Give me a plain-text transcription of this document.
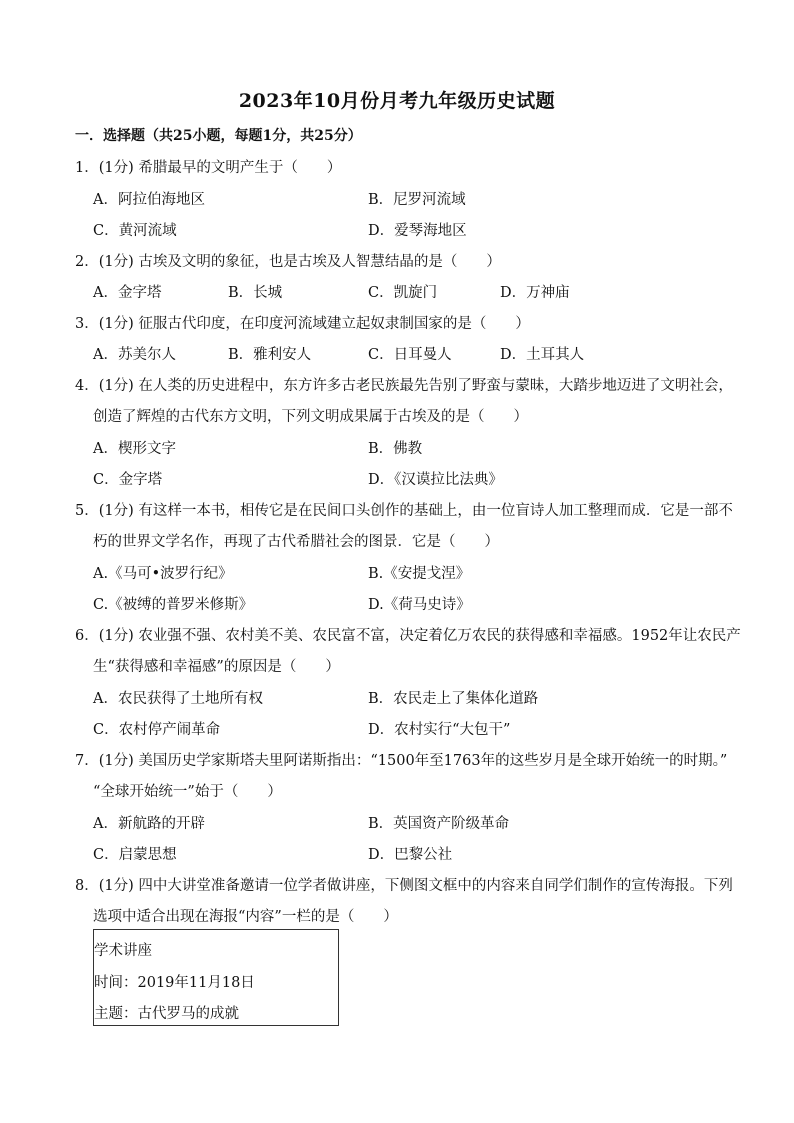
2023年10月份月考九年级历史试题
一．选择题（共25小题，每题1分，共25分）
1．(1分) 希腊最早的文明产生于（　　）
A．阿拉伯海地区	B．尼罗河流域
C．黄河流域	D．爱琴海地区
2．(1分) 古埃及文明的象征，也是古埃及人智慧结晶的是（　　）
A．金字塔	B．长城	C．凯旋门	D．万神庙
3．(1分) 征服古代印度，在印度河流域建立起奴隶制国家的是（　　）
A．苏美尔人	B．雅利安人	C．日耳曼人	D．土耳其人
4．(1分) 在人类的历史进程中，东方许多古老民族最先告别了野蛮与蒙昧，大踏步地迈进了文明社会，
创造了辉煌的古代东方文明，下列文明成果属于古埃及的是（　　）
A．楔形文字	B．佛教
C．金字塔	D．《汉谟拉比法典》
5．(1分) 有这样一本书，相传它是在民间口头创作的基础上，由一位盲诗人加工整理而成．它是一部不
朽的世界文学名作，再现了古代希腊社会的图景．它是（　　）
A.《马可•波罗行纪》	B.《安提戈涅》
C.《被缚的普罗米修斯》	D.《荷马史诗》
6．(1分) 农业强不强、农村美不美、农民富不富，决定着亿万农民的获得感和幸福感。1952年让农民产
生“获得感和幸福感”的原因是（　　）
A．农民获得了土地所有权	B．农民走上了集体化道路
C．农村停产闹革命	D．农村实行“大包干”
7．(1分) 美国历史学家斯塔夫里阿诺斯指出：“1500年至1763年的这些岁月是全球开始统一的时期。”
“全球开始统一”始于（　　）
A．新航路的开辟	B．英国资产阶级革命
C．启蒙思想	D．巴黎公社
8．(1分) 四中大讲堂准备邀请一位学者做讲座，下侧图文框中的内容来自同学们制作的宣传海报。下列
选项中适合出现在海报“内容”一栏的是（　　）
学术讲座
时间：2019年11月18日
主题：古代罗马的成就
